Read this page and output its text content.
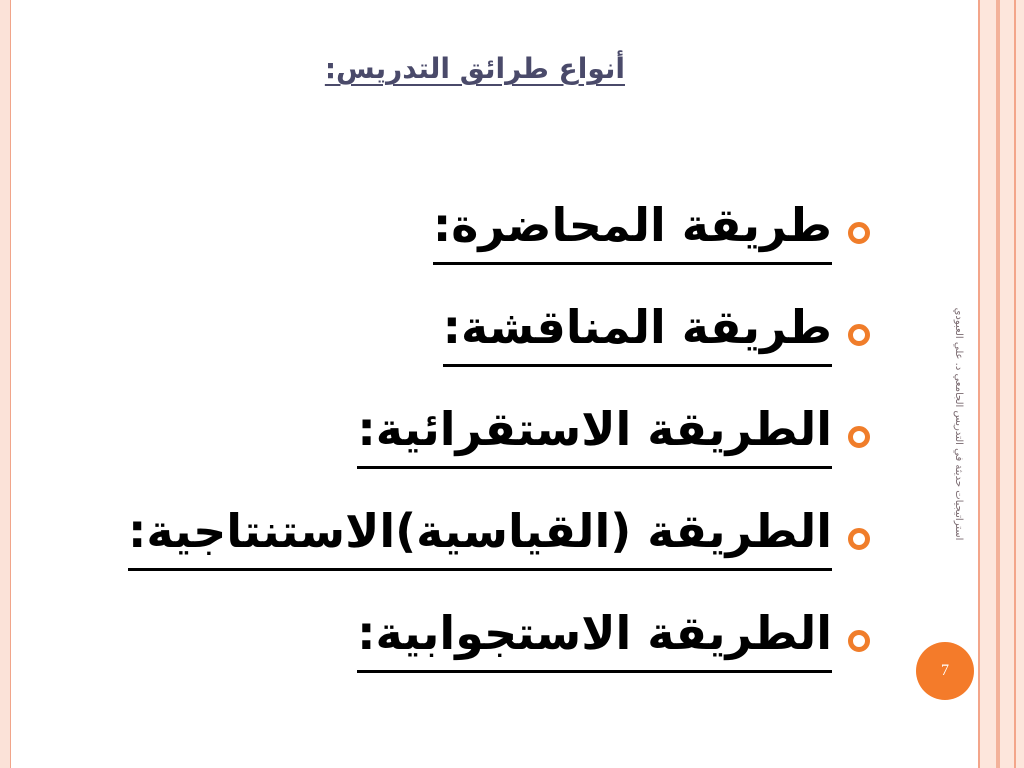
أنواع طرائق التدريس:
طريقة المحاضرة:
طريقة المناقشة:
الطريقة الاستقرائية:
الطريقة (القياسية)الاستنتاجية:
الطريقة الاستجوابية:
استراتيجيات حديثة في التدريس الجامعي د. علي العبودي
7
